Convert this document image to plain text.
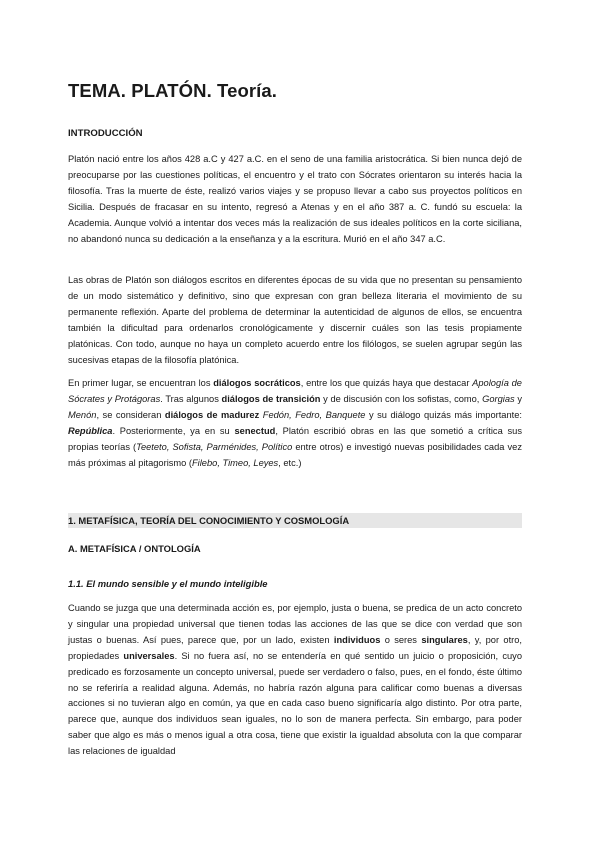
TEMA. PLATÓN. Teoría.
INTRODUCCIÓN

Platón nació entre los años 428 a.C y 427 a.C. en el seno de una familia aristocrática. Si bien nunca dejó de preocuparse por las cuestiones políticas, el encuentro y el trato con Sócrates orientaron su interés hacia la filosofía. Tras la muerte de éste, realizó varios viajes y se propuso llevar a cabo sus proyectos políticos en Sicilia. Después de fracasar en su intento, regresó a Atenas y en el año 387 a. C. fundó su escuela: la Academia. Aunque volvió a intentar dos veces más la realización de sus ideales políticos en la corte siciliana, no abandonó nunca su dedicación a la enseñanza y a la escritura. Murió en el año 347 a.C.

Las obras de Platón son diálogos escritos en diferentes épocas de su vida que no presentan su pensamiento de un modo sistemático y definitivo, sino que expresan con gran belleza literaria el movimiento de su permanente reflexión. Aparte del problema de determinar la autenticidad de algunos de ellos, se encuentra también la dificultad para ordenarlos cronológicamente y discernir cuáles son las tesis propiamente platónicas. Con todo, aunque no haya un completo acuerdo entre los filólogos, se suelen agrupar según las sucesivas etapas de la filosofía platónica.

En primer lugar, se encuentran los diálogos socráticos, entre los que quizás haya que destacar Apología de Sócrates y Protágoras. Tras algunos diálogos de transición y de discusión con los sofistas, como, Gorgias y Menón, se consideran diálogos de madurez Fedón, Fedro, Banquete y su diálogo quizás más importante: República. Posteriormente, ya en su senectud, Platón escribió obras en las que sometió a crítica sus propias teorías (Teeteto, Sofista, Parménides, Político entre otros) e investigó nuevas posibilidades cada vez más próximas al pitagorismo (Filebo, Timeo, Leyes, etc.)

1. METAFÍSICA, TEORÍA DEL CONOCIMIENTO Y COSMOLOGÍA
A. METAFÍSICA / ONTOLOGÍA
1.1. El mundo sensible y el mundo inteligible

Cuando se juzga que una determinada acción es, por ejemplo, justa o buena, se predica de un acto concreto y singular una propiedad universal que tienen todas las acciones de las que se dice con verdad que son justas o buenas. Así pues, parece que, por un lado, existen individuos o seres singulares, y, por otro, propiedades universales. Si no fuera así, no se entendería en qué sentido un juicio o proposición, cuyo predicado es forzosamente un concepto universal, puede ser verdadero o falso, pues, en el fondo, éste último no se referiría a realidad alguna. Además, no habría razón alguna para calificar como buenas a diversas acciones si no tuvieran algo en común, ya que en cada caso bueno significaría algo distinto. Por otra parte, parece que, aunque dos individuos sean iguales, no lo son de manera perfecta. Sin embargo, para poder saber que algo es más o menos igual a otra cosa, tiene que existir la igualdad absoluta con la que comparar las relaciones de igualdad
